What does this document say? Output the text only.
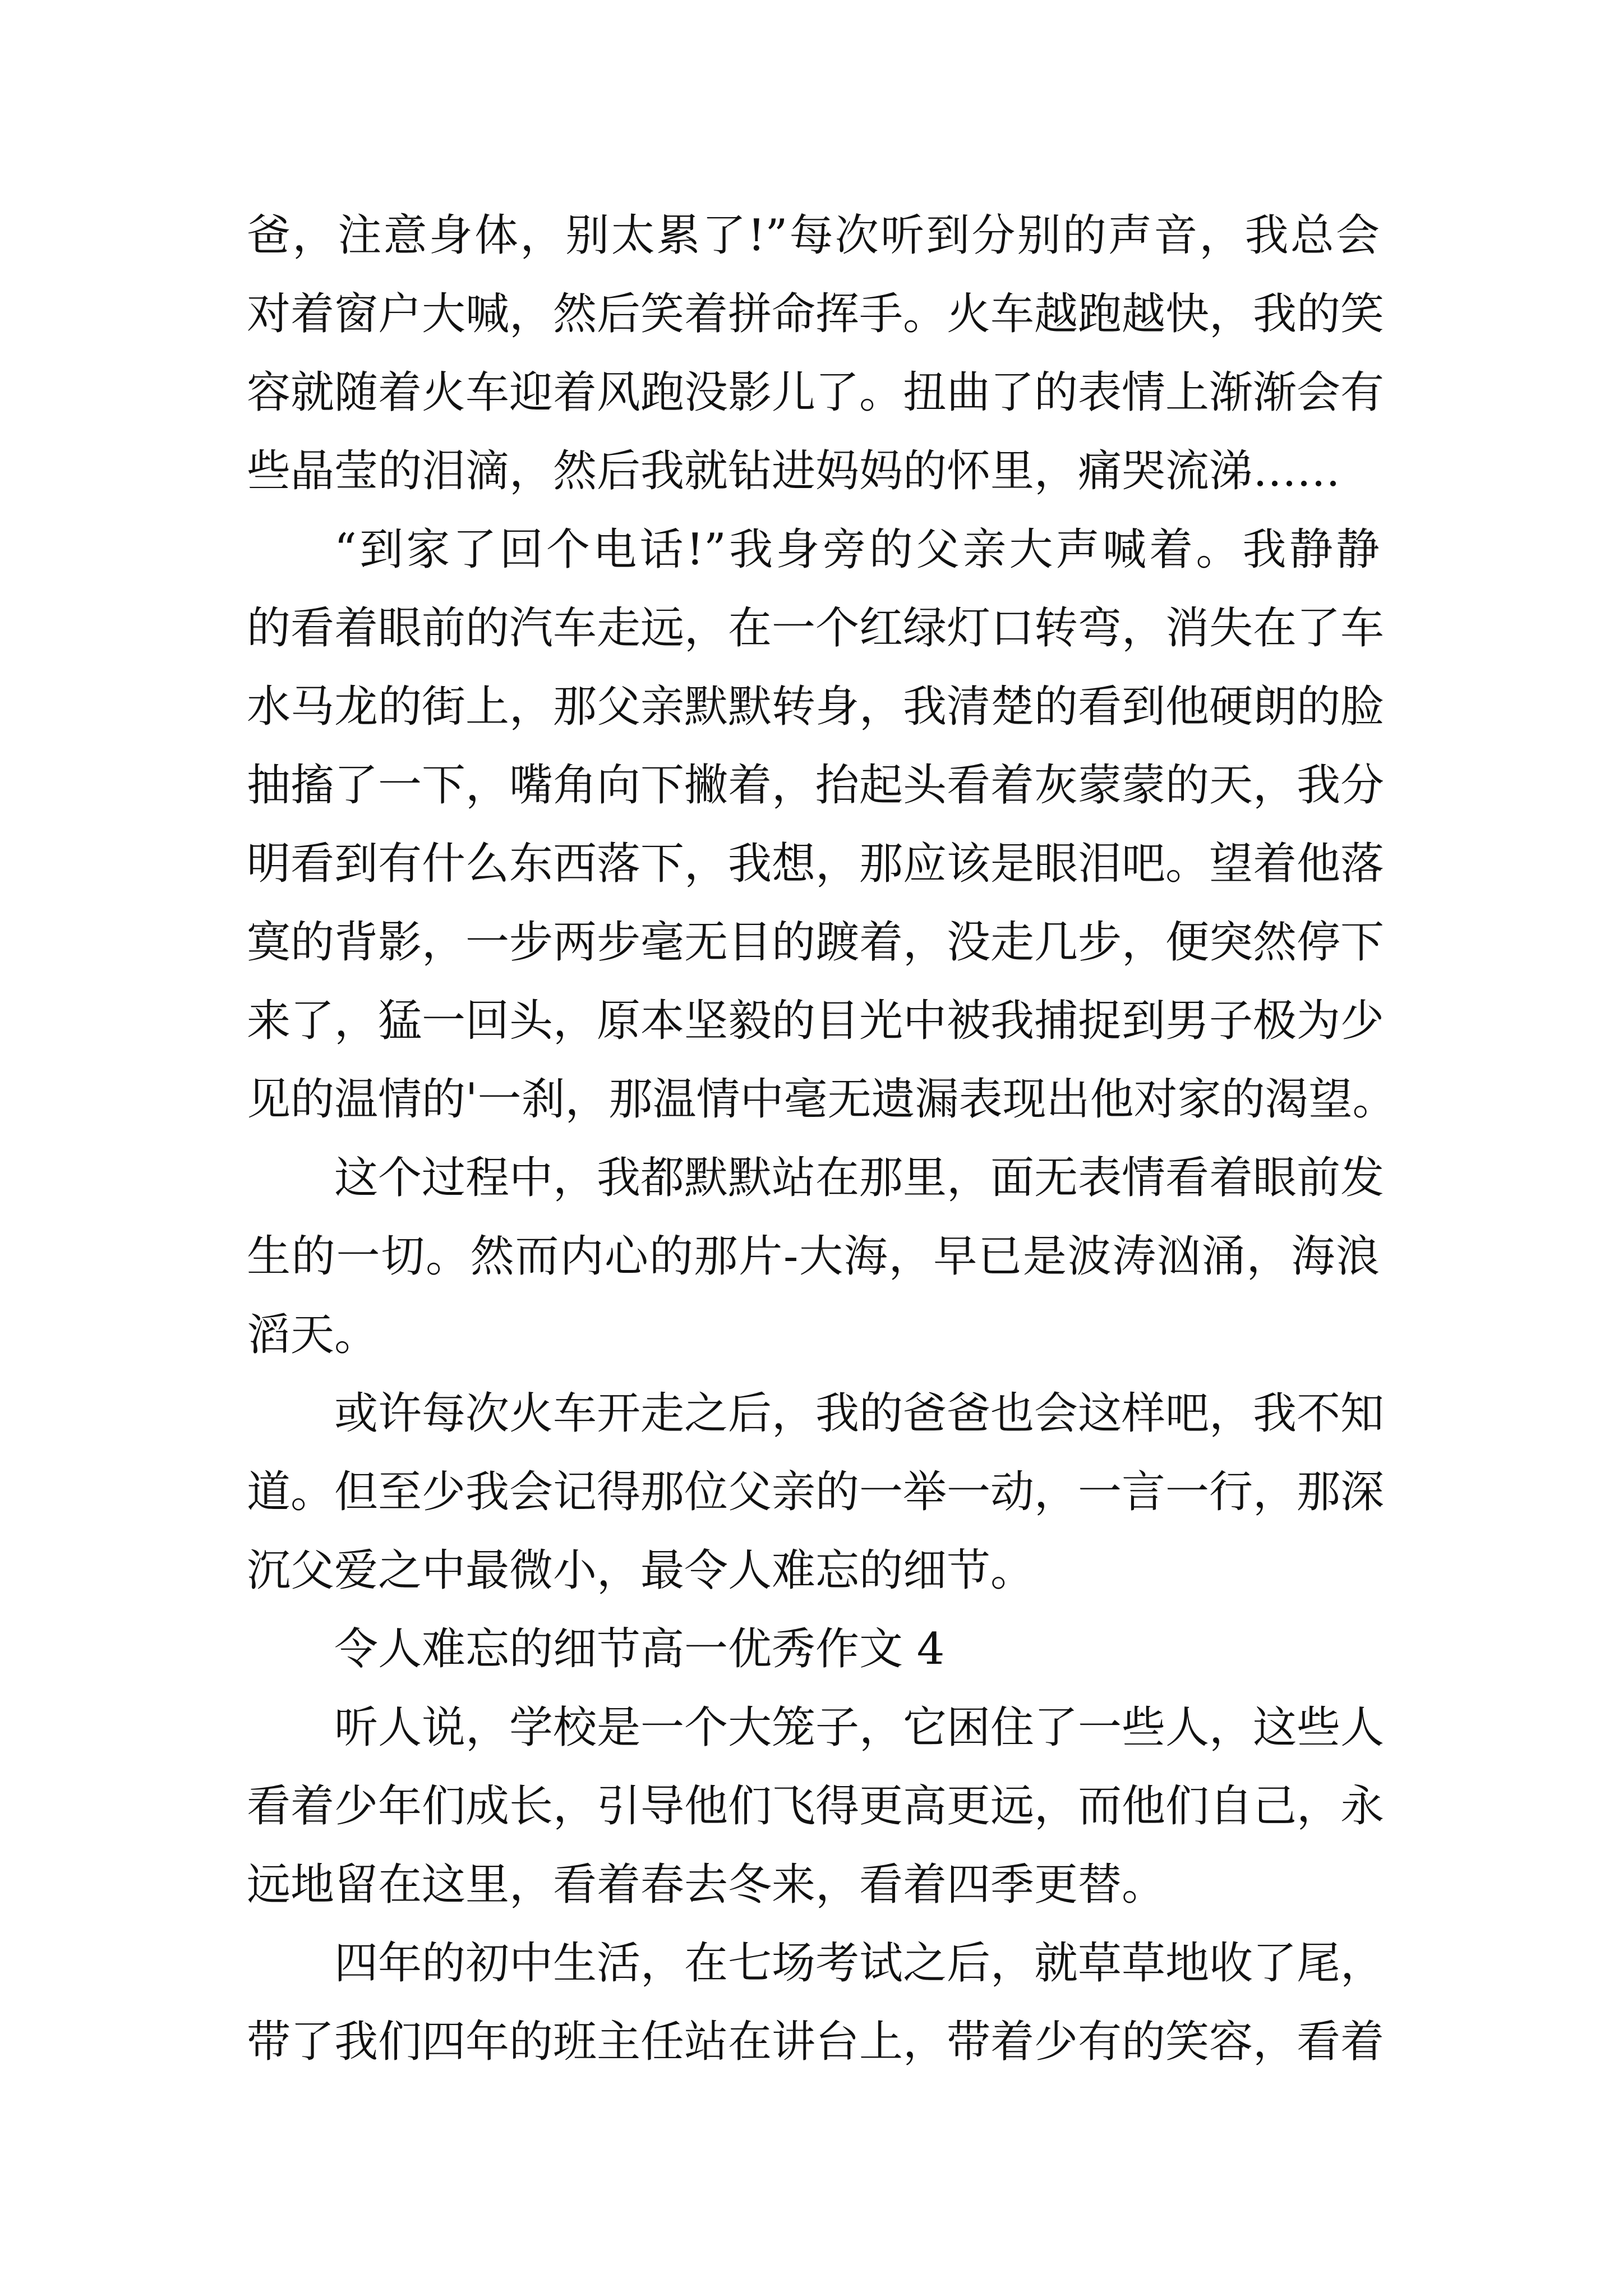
爸，注意身体，别太累了!”每次听到分别的声音，我总会
对着窗户大喊，然后笑着拼命挥手。火车越跑越快，我的笑
容就随着火车迎着风跑没影儿了。扭曲了的表情上渐渐会有
些晶莹的泪滴，然后我就钻进妈妈的怀里，痛哭流涕……
“到家了回个电话!”我身旁的父亲大声喊着。我静静
的看着眼前的汽车走远，在一个红绿灯口转弯，消失在了车
水马龙的街上，那父亲默默转身，我清楚的看到他硬朗的脸
抽搐了一下，嘴角向下撇着，抬起头看着灰蒙蒙的天，我分
明看到有什么东西落下，我想，那应该是眼泪吧。望着他落
寞的背影，一步两步毫无目的踱着，没走几步，便突然停下
来了，猛一回头，原本坚毅的目光中被我捕捉到男子极为少
见的温情的'一刹，那温情中毫无遗漏表现出他对家的渴望。
这个过程中，我都默默站在那里，面无表情看着眼前发
生的一切。然而内心的那片-大海，早已是波涛汹涌，海浪
滔天。
或许每次火车开走之后，我的爸爸也会这样吧，我不知
道。但至少我会记得那位父亲的一举一动，一言一行，那深
沉父爱之中最微小，最令人难忘的细节。
令人难忘的细节高一优秀作文 4
听人说，学校是一个大笼子，它困住了一些人，这些人
看着少年们成长，引导他们飞得更高更远，而他们自己，永
远地留在这里，看着春去冬来，看着四季更替。
四年的初中生活，在七场考试之后，就草草地收了尾，
带了我们四年的班主任站在讲台上，带着少有的笑容，看着
